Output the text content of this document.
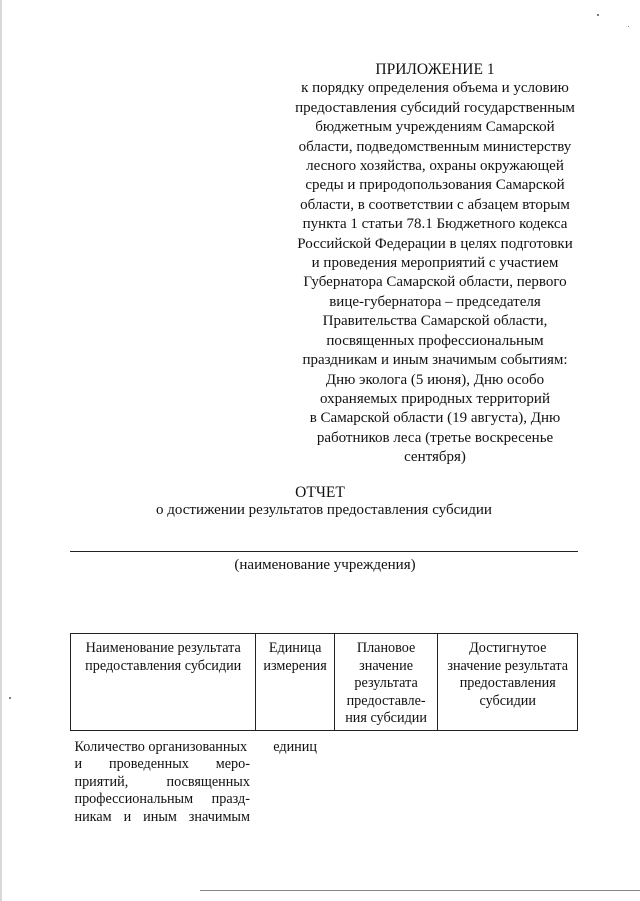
ПРИЛОЖЕНИЕ 1
к порядку определения объема и условию
предоставления субсидий государственным
бюджетным учреждениям Самарской
области, подведомственным министерству
лесного хозяйства, охраны окружающей
среды и природопользования Самарской
области, в соответствии с абзацем вторым
пункта 1 статьи 78.1 Бюджетного кодекса
Российской Федерации в целях подготовки
и проведения мероприятий с участием
Губернатора Самарской области, первого
вице-губернатора – председателя
Правительства Самарской области,
посвященных профессиональным
праздникам и иным значимым событиям:
Дню эколога (5 июня), Дню особо
охраняемых природных территорий
в Самарской области (19 августа), Дню
работников леса (третье воскресенье
сентября)
ОТЧЕТ
о достижении результатов предоставления субсидии
(наименование учреждения)
Наименование результата предоставления субсидии	Единица измерения	Плановое значение результата предоставле-ния субсидии	Достигнутое значение результата предоставления субсидии

Количество организованных
и проведенных меро-
приятий, посвященных
профессиональным празд-
никам и иным значимым	единиц		
